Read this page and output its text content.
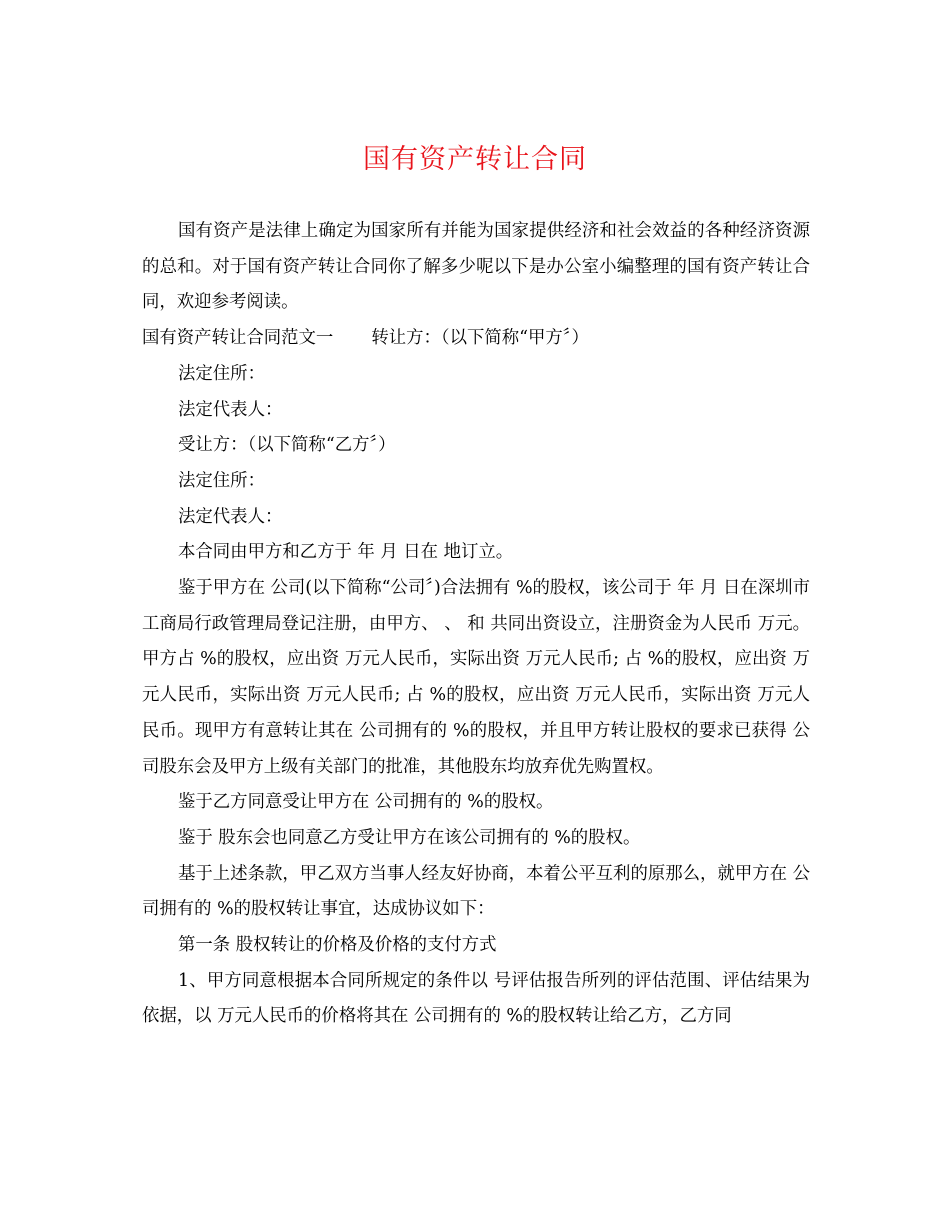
国有资产转让合同

国有资产是法律上确定为国家所有并能为国家提供经济和社会效益的各种经济资源的总和。对于国有资产转让合同你了解多少呢以下是办公室小编整理的国有资产转让合同，欢迎参考阅读。

国有资产转让合同范文一 转让方：（以下简称“甲方〞）

法定住所：

法定代表人：

受让方：（以下简称“乙方〞）

法定住所：

法定代表人：

本合同由甲方和乙方于 年 月 日在 地订立。

鉴于甲方在 公司(以下简称“公司〞)合法拥有 %的股权，该公司于 年 月 日在深圳市工商局行政管理局登记注册，由甲方、 、 和 共同出资设立，注册资金为人民币 万元。甲方占 %的股权，应出资 万元人民币，实际出资 万元人民币; 占 %的股权，应出资 万元人民币，实际出资 万元人民币; 占 %的股权，应出资 万元人民币，实际出资 万元人民币。现甲方有意转让其在 公司拥有的 %的股权，并且甲方转让股权的要求已获得 公司股东会及甲方上级有关部门的批准，其他股东均放弃优先购置权。

鉴于乙方同意受让甲方在 公司拥有的 %的股权。

鉴于 股东会也同意乙方受让甲方在该公司拥有的 %的股权。

基于上述条款，甲乙双方当事人经友好协商，本着公平互利的原那么，就甲方在 公司拥有的 %的股权转让事宜，达成协议如下：

第一条 股权转让的价格及价格的支付方式

1、甲方同意根据本合同所规定的条件以 号评估报告所列的评估范围、评估结果为依据，以 万元人民币的价格将其在 公司拥有的 %的股权转让给乙方，乙方同
